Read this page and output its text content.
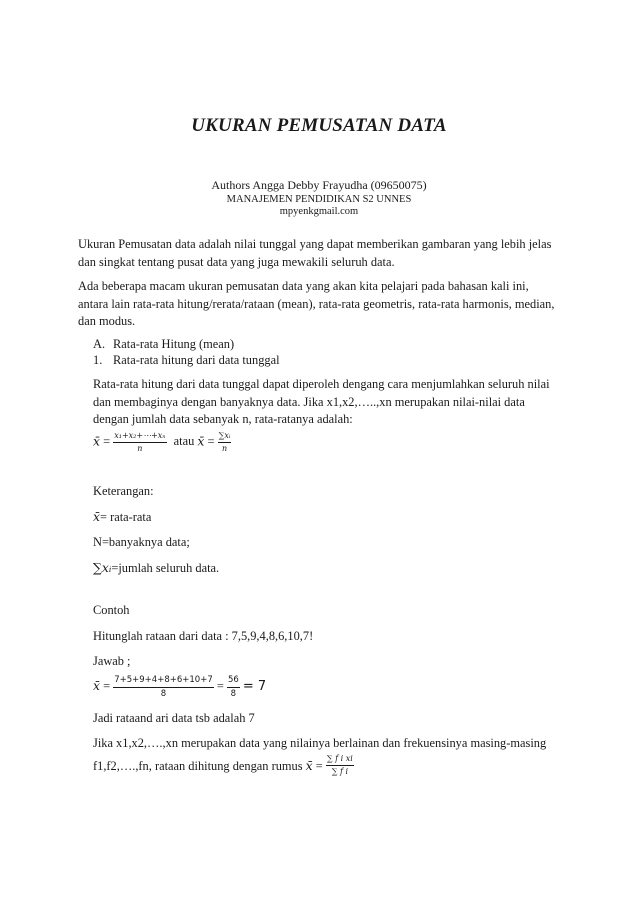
UKURAN PEMUSATAN DATA
Authors Angga Debby Frayudha (09650075)
MANAJEMEN PENDIDIKAN S2 UNNES
mpyenkgmail.com
Ukuran Pemusatan data adalah nilai tunggal yang dapat memberikan gambaran yang lebih jelas
dan singkat tentang pusat data yang juga mewakili seluruh data.
Ada beberapa macam ukuran pemusatan data yang akan kita pelajari pada bahasan kali ini,
antara lain rata-rata hitung/rerata/rataan (mean), rata-rata geometris, rata-rata harmonis, median,
dan modus.
A. Rata-rata Hitung (mean)
1. Rata-rata hitung dari data tunggal
Rata-rata hitung dari data tunggal dapat diperoleh dengang cara menjumlahkan seluruh nilai
dan membaginya dengan banyaknya data. Jika x1,x2,…..,xn merupakan nilai-nilai data
dengan jumlah data sebanyak n, rata-ratanya adalah:
x̄ = $\frac{\text{x₁+x₂+⋯+xₙ}}{n}$ atau x̄ = $\frac{\text{∑xᵢ}}{n}$
Keterangan:
x̄= rata-rata
N=banyaknya data;
∑xᵢ=jumlah seluruh data.
Contoh
Hitunglah rataan dari data : 7,5,9,4,8,6,10,7!
Jawab ;
x̄ = $\frac{7+5+9+4+8+6+10+7}{8} = \frac{56}{8} = 7$
Jadi rataand ari data tsb adalah 7
Jika x1,x2,….,xn merupakan data yang nilainya berlainan dan frekuensinya masing-masing
f1,f2,….,fn, rataan dihitung dengan rumus x̄ = $\frac{\text{∑ f i xi}}{\text{∑ f i}}$
